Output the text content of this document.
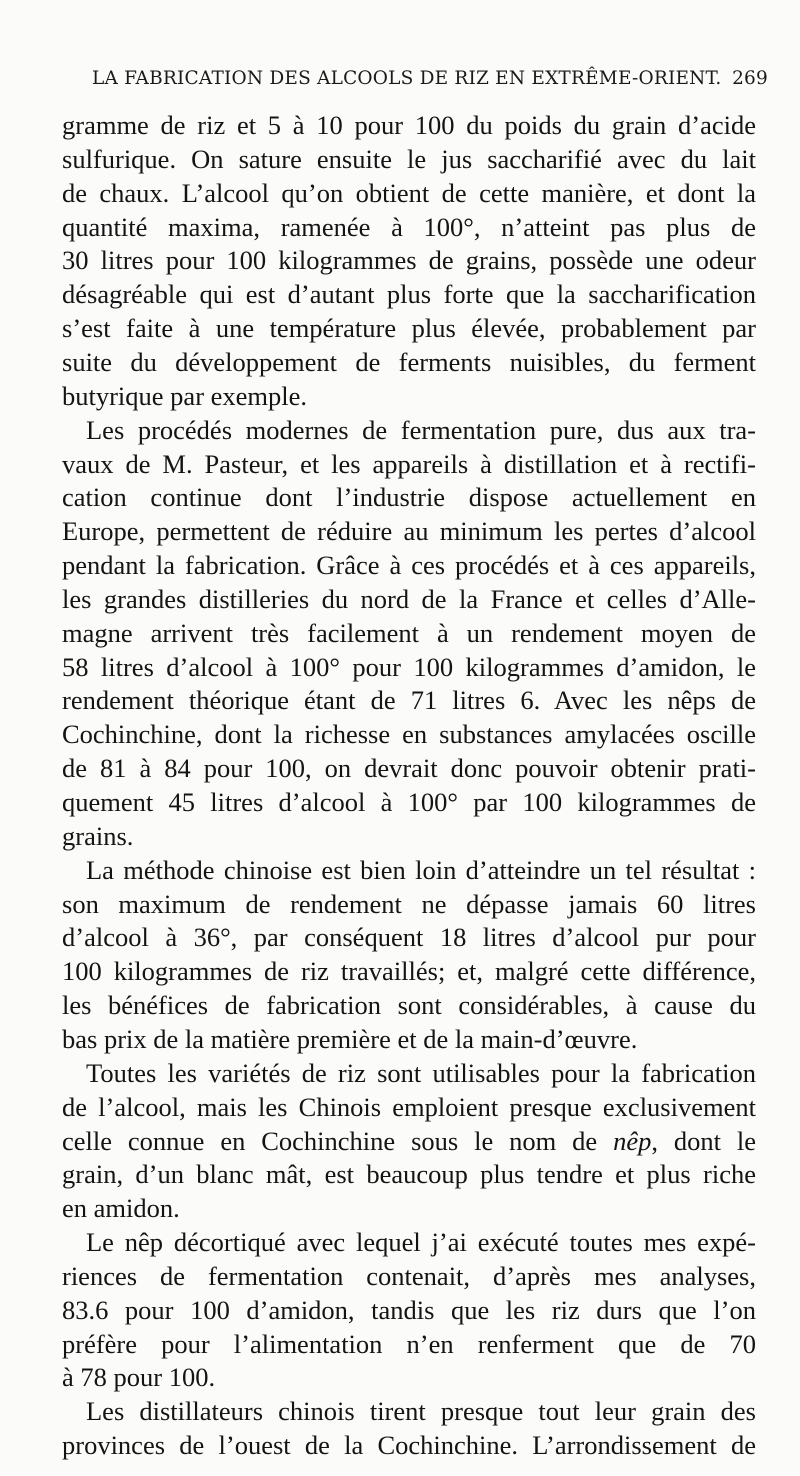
LA FABRICATION DES ALCOOLS DE RIZ EN EXTRÊME-ORIENT. 269
gramme de riz et 5 à 10 pour 100 du poids du grain d’acide
sulfurique. On sature ensuite le jus saccharifié avec du lait
de chaux. L’alcool qu’on obtient de cette manière, et dont la
quantité maxima, ramenée à 100°, n’atteint pas plus de
30 litres pour 100 kilogrammes de grains, possède une odeur
désagréable qui est d’autant plus forte que la saccharification
s’est faite à une température plus élevée, probablement par
suite du développement de ferments nuisibles, du ferment
butyrique par exemple.
Les procédés modernes de fermentation pure, dus aux tra-
vaux de M. Pasteur, et les appareils à distillation et à rectifi-
cation continue dont l’industrie dispose actuellement en
Europe, permettent de réduire au minimum les pertes d’alcool
pendant la fabrication. Grâce à ces procédés et à ces appareils,
les grandes distilleries du nord de la France et celles d’Alle-
magne arrivent très facilement à un rendement moyen de
58 litres d’alcool à 100° pour 100 kilogrammes d’amidon, le
rendement théorique étant de 71 litres 6. Avec les nêps de
Cochinchine, dont la richesse en substances amylacées oscille
de 81 à 84 pour 100, on devrait donc pouvoir obtenir prati-
quement 45 litres d’alcool à 100° par 100 kilogrammes de
grains.
La méthode chinoise est bien loin d’atteindre un tel résultat :
son maximum de rendement ne dépasse jamais 60 litres
d’alcool à 36°, par conséquent 18 litres d’alcool pur pour
100 kilogrammes de riz travaillés; et, malgré cette différence,
les bénéfices de fabrication sont considérables, à cause du
bas prix de la matière première et de la main-d’œuvre.
Toutes les variétés de riz sont utilisables pour la fabrication
de l’alcool, mais les Chinois emploient presque exclusivement
celle connue en Cochinchine sous le nom de nêp, dont le
grain, d’un blanc mât, est beaucoup plus tendre et plus riche
en amidon.
Le nêp décortiqué avec lequel j’ai exécuté toutes mes expé-
riences de fermentation contenait, d’après mes analyses,
83.6 pour 100 d’amidon, tandis que les riz durs que l’on
préfère pour l’alimentation n’en renferment que de 70
à 78 pour 100.
Les distillateurs chinois tirent presque tout leur grain des
provinces de l’ouest de la Cochinchine. L’arrondissement de
